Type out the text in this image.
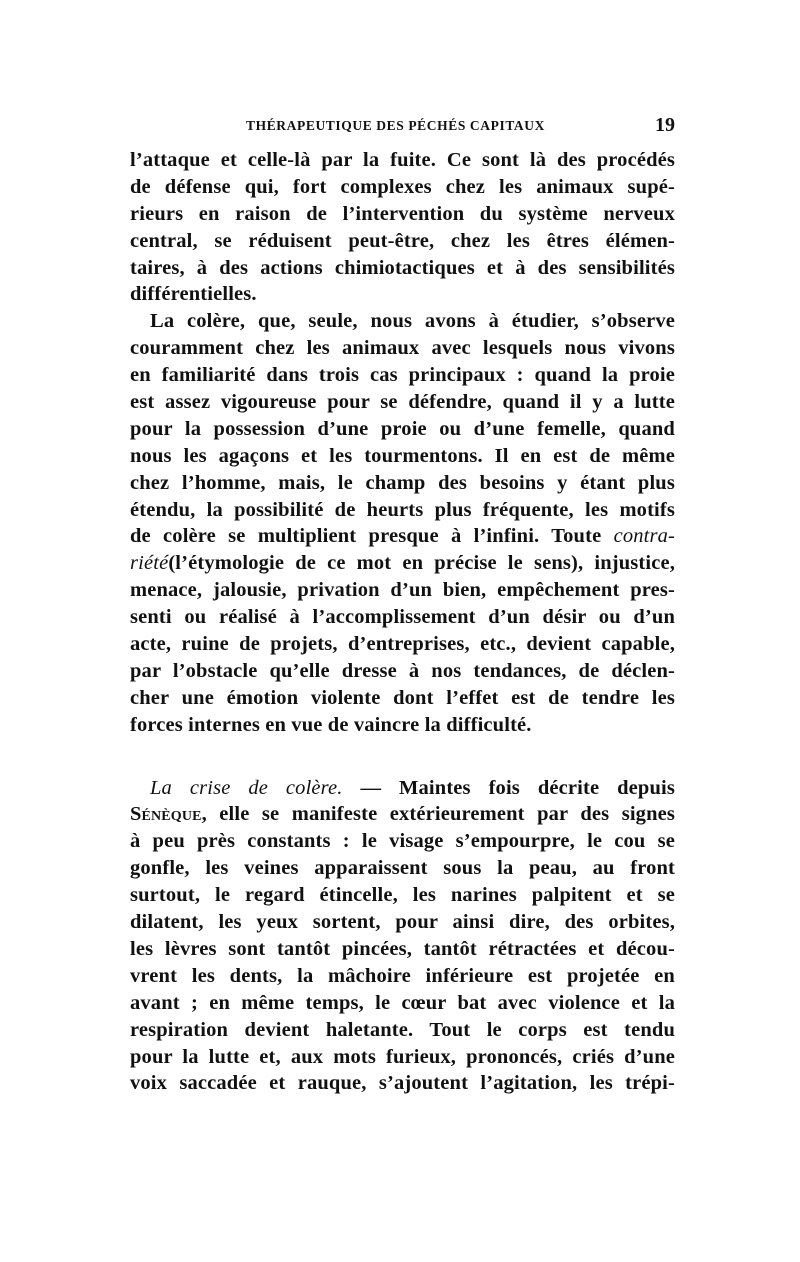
THÉRAPEUTIQUE DES PÉCHÉS CAPITAUX	19
l’attaque et celle-là par la fuite. Ce sont là des procédés
de défense qui, fort complexes chez les animaux supé-
rieurs en raison de l’intervention du système nerveux
central, se réduisent peut-être, chez les êtres élémen-
taires, à des actions chimiotactiques et à des sensibilités
différentielles.
La colère, que, seule, nous avons à étudier, s’observe
couramment chez les animaux avec lesquels nous vivons
en familiarité dans trois cas principaux : quand la proie
est assez vigoureuse pour se défendre, quand il y a lutte
pour la possession d’une proie ou d’une femelle, quand
nous les agaçons et les tourmentons. Il en est de même
chez l’homme, mais, le champ des besoins y étant plus
étendu, la possibilité de heurts plus fréquente, les motifs
de colère se multiplient presque à l’infini. Toute contra-
riété(l’étymologie de ce mot en précise le sens), injustice,
menace, jalousie, privation d’un bien, empêchement pres-
senti ou réalisé à l’accomplissement d’un désir ou d’un
acte, ruine de projets, d’entreprises, etc., devient capable,
par l’obstacle qu’elle dresse à nos tendances, de déclen-
cher une émotion violente dont l’effet est de tendre les
forces internes en vue de vaincre la difficulté.
La crise de colère. — Maintes fois décrite depuis
Sénèque, elle se manifeste extérieurement par des signes
à peu près constants : le visage s’empourpre, le cou se
gonfle, les veines apparaissent sous la peau, au front
surtout, le regard étincelle, les narines palpitent et se
dilatent, les yeux sortent, pour ainsi dire, des orbites,
les lèvres sont tantôt pincées, tantôt rétractées et décou-
vrent les dents, la mâchoire inférieure est projetée en
avant ; en même temps, le cœur bat avec violence et la
respiration devient haletante. Tout le corps est tendu
pour la lutte et, aux mots furieux, prononcés, criés d’une
voix saccadée et rauque, s’ajoutent l’agitation, les trépi-
